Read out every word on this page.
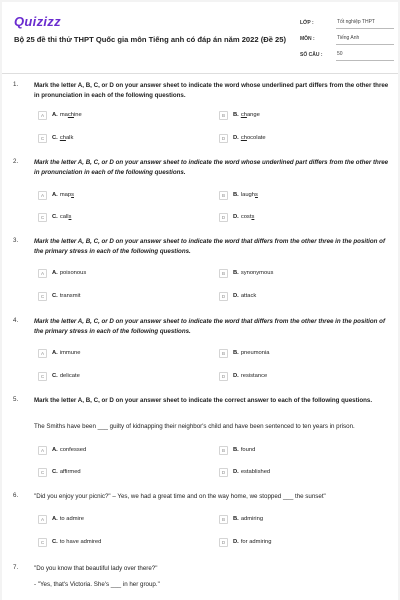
Quizizz
Bộ 25 đề thi thử THPT Quốc gia môn Tiếng anh có đáp án năm 2022 (Đề 25)
LỚP :	Tốt nghiệp THPT
MÔN :	Tiếng Anh
SỐ CÂU :	50
1.	Mark the letter A, B, C, or D on your answer sheet to indicate the word whose underlined part differs from the other three in pronunciation in each of the following questions.
A	A. ma ch ine	B	B. ch ange
C	C. ch alk	D	D. ch ocolate
2.	Mark the letter A, B, C, or D on your answer sheet to indicate the word whose underlined part differs from the other three in pronunciation in each of the following questions.
A	A. map s	B	B. laugh s
C	C. call s	D	D. cost s
3.	Mark the letter A, B, C, or D on your answer sheet to indicate the word that differs from the other three in the position of the primary stress in each of the following questions.
A	A. poisonous	B	B. synonymous
C	C. transmit	D	D. attack
4.	Mark the letter A, B, C, or D on your answer sheet to indicate the word that differs from the other three in the position of the primary stress in each of the following questions.
A	A. immune	B	B. pneumonia
C	C. delicate	D	D. resistance
5.	Mark the letter A, B, C, or D on your answer sheet to indicate the correct answer to each of the following questions.
The Smiths have been ___ guilty of kidnapping their neighbor's child and have been sentenced to ten years in prison.
A	A. confessed	B	B. found
C	C. affirmed	D	D. established
6.	"Did you enjoy your picnic?" – Yes, we had a great time and on the way home, we stopped ___ the sunset"
A	A. to admire	B	B. admiring
C	C. to have admired	D	D. for admiring
7.	"Do you know that beautiful lady over there?"
- "Yes, that's Victoria. She's ___ in her group."
